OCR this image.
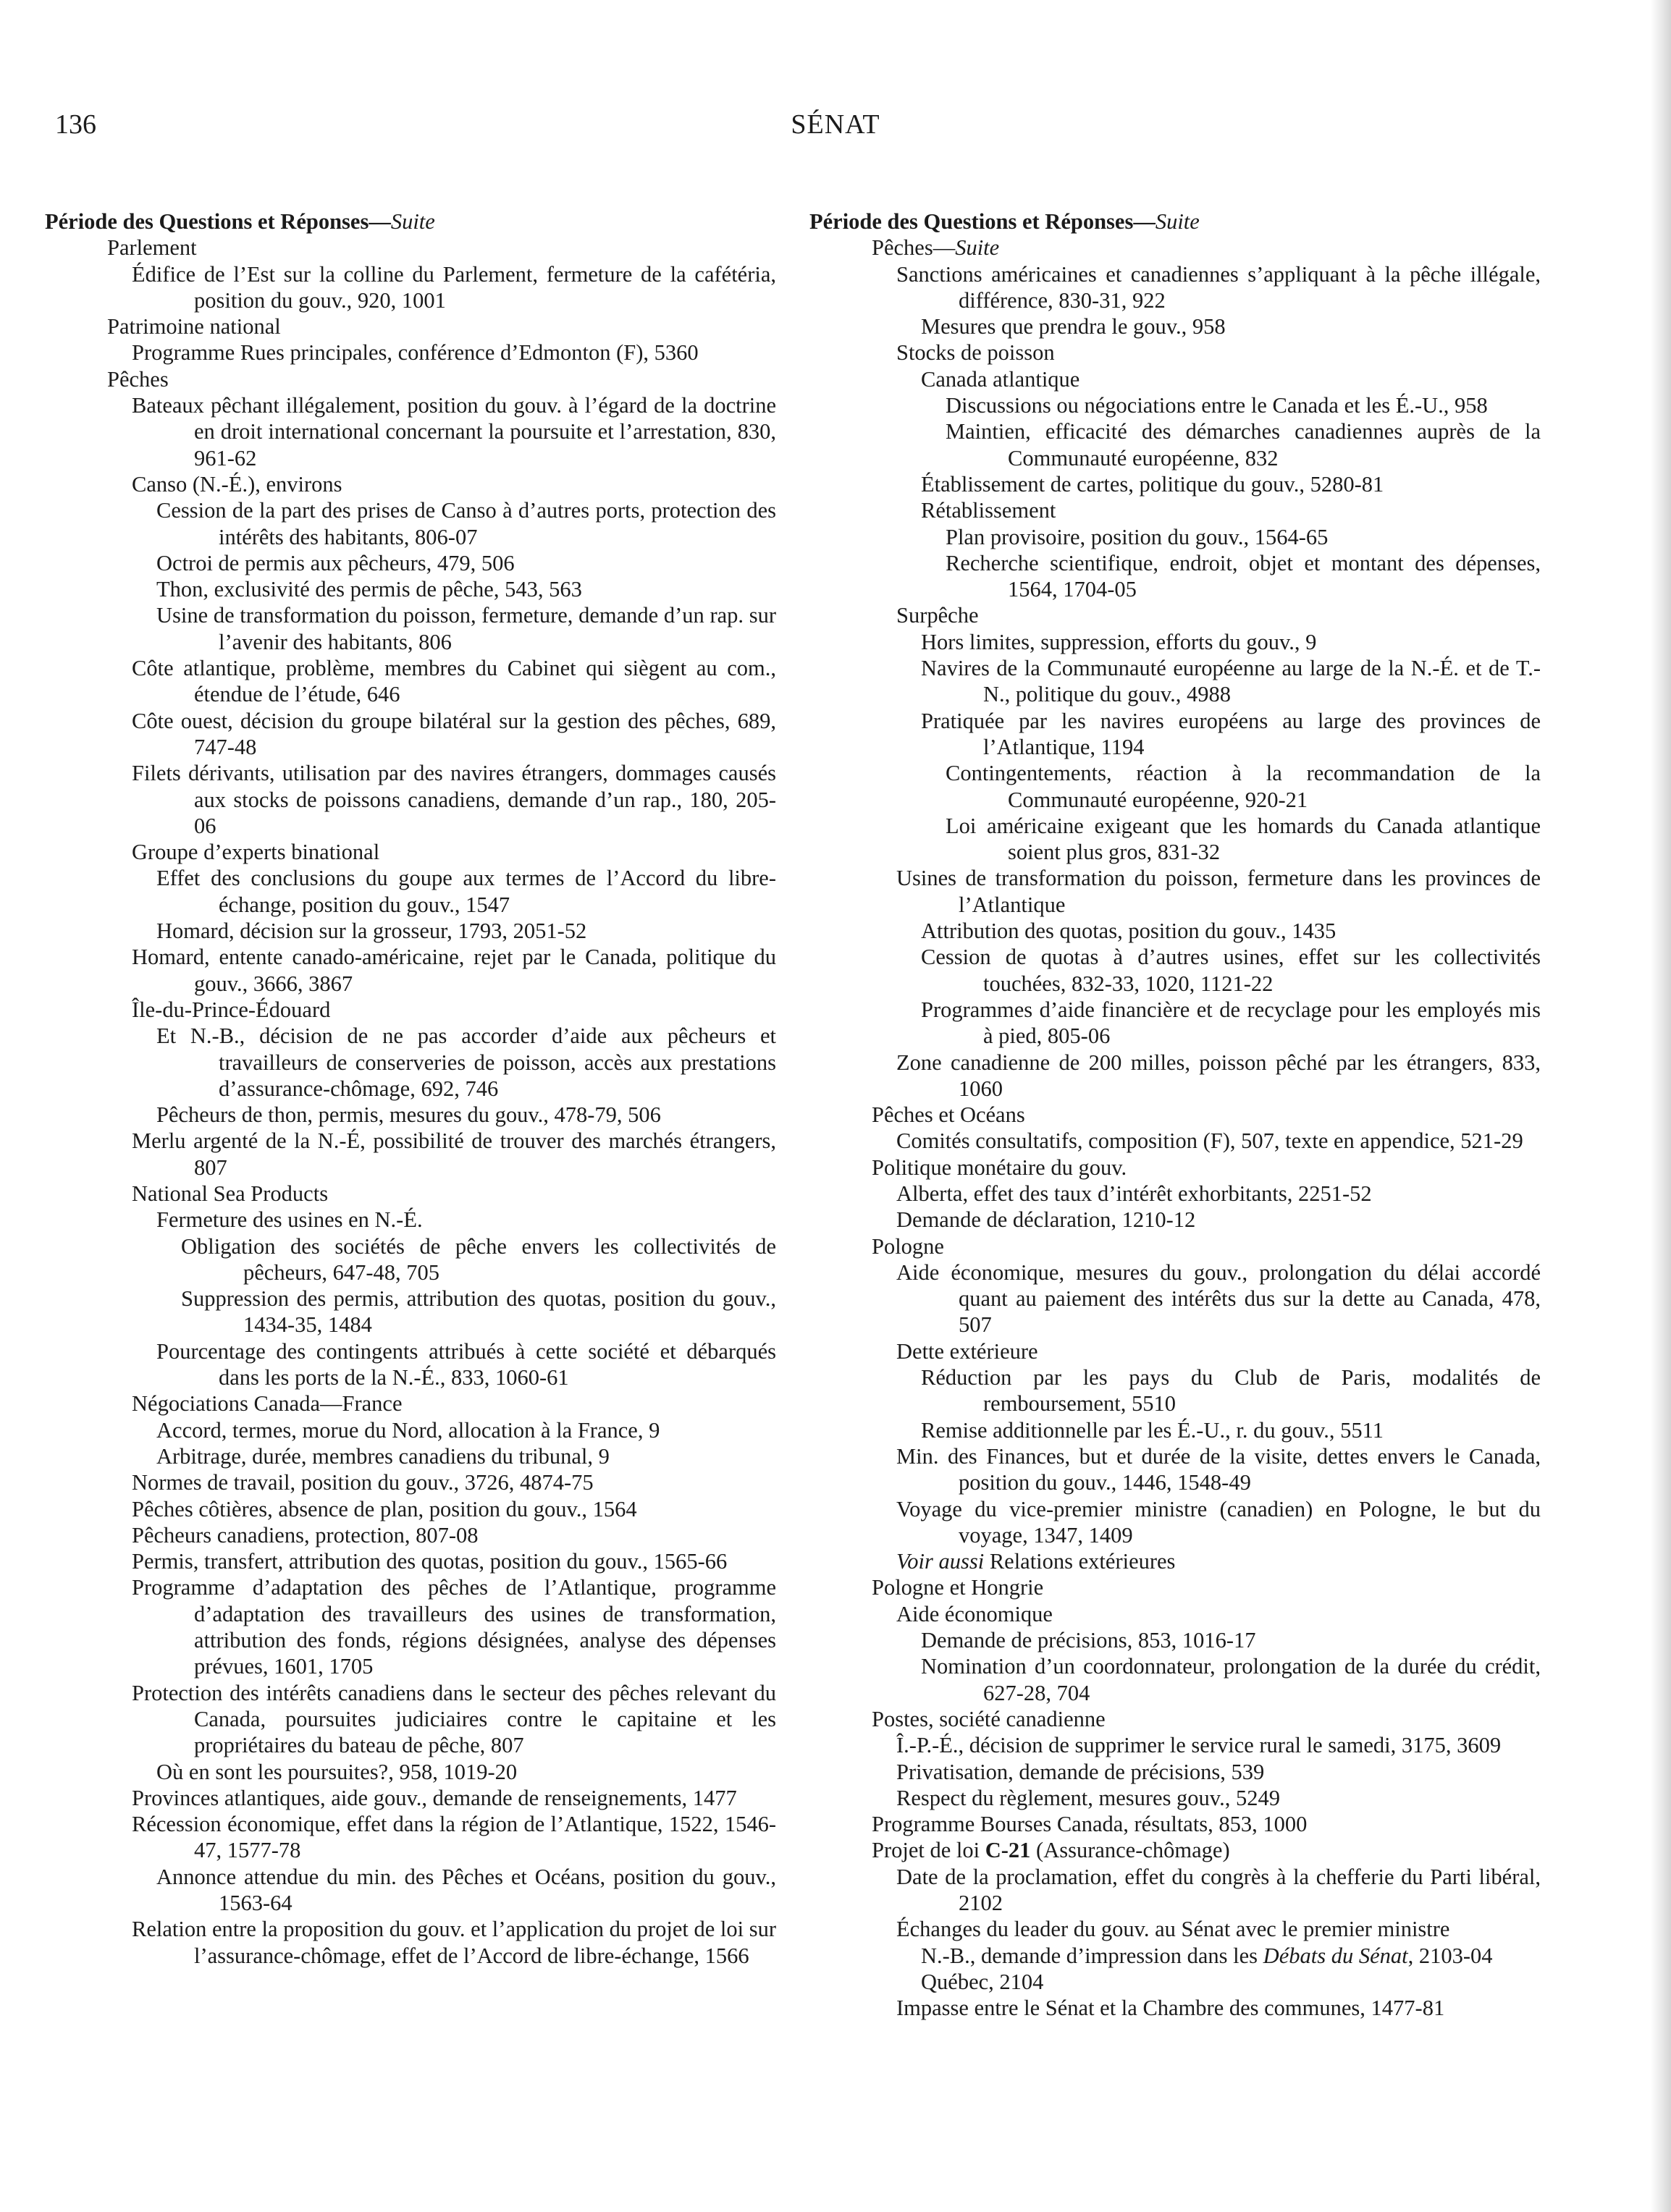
136	SÉNAT
Période des Questions et Réponses—Suite
Parlement
Édifice de l’Est sur la colline du Parlement, fermeture de la cafétéria, position du gouv., 920, 1001
Patrimoine national
Programme Rues principales, conférence d’Edmonton (F), 5360
Pêches
Bateaux pêchant illégalement, position du gouv. à l’égard de la doctrine en droit international concernant la poursuite et l’arrestation, 830, 961-62
Canso (N.-É.), environs
Cession de la part des prises de Canso à d’autres ports, protection des intérêts des habitants, 806-07
Octroi de permis aux pêcheurs, 479, 506
Thon, exclusivité des permis de pêche, 543, 563
Usine de transformation du poisson, fermeture, demande d’un rap. sur l’avenir des habitants, 806
Côte atlantique, problème, membres du Cabinet qui siègent au com., étendue de l’étude, 646
Côte ouest, décision du groupe bilatéral sur la gestion des pêches, 689, 747-48
Filets dérivants, utilisation par des navires étrangers, dommages causés aux stocks de poissons canadiens, demande d’un rap., 180, 205-06
Groupe d’experts binational
Effet des conclusions du goupe aux termes de l’Accord du libre-échange, position du gouv., 1547
Homard, décision sur la grosseur, 1793, 2051-52
Homard, entente canado-américaine, rejet par le Canada, politique du gouv., 3666, 3867
Île-du-Prince-Édouard
Et N.-B., décision de ne pas accorder d’aide aux pêcheurs et travailleurs de conserveries de poisson, accès aux prestations d’assurance-chômage, 692, 746
Pêcheurs de thon, permis, mesures du gouv., 478-79, 506
Merlu argenté de la N.-É, possibilité de trouver des marchés étrangers, 807
National Sea Products
Fermeture des usines en N.-É.
Obligation des sociétés de pêche envers les collectivités de pêcheurs, 647-48, 705
Suppression des permis, attribution des quotas, position du gouv., 1434-35, 1484
Pourcentage des contingents attribués à cette société et débarqués dans les ports de la N.-É., 833, 1060-61
Négociations Canada—France
Accord, termes, morue du Nord, allocation à la France, 9
Arbitrage, durée, membres canadiens du tribunal, 9
Normes de travail, position du gouv., 3726, 4874-75
Pêches côtières, absence de plan, position du gouv., 1564
Pêcheurs canadiens, protection, 807-08
Permis, transfert, attribution des quotas, position du gouv., 1565-66
Programme d’adaptation des pêches de l’Atlantique, programme d’adaptation des travailleurs des usines de transformation, attribution des fonds, régions désignées, analyse des dépenses prévues, 1601, 1705
Protection des intérêts canadiens dans le secteur des pêches relevant du Canada, poursuites judiciaires contre le capitaine et les propriétaires du bateau de pêche, 807
Où en sont les poursuites?, 958, 1019-20
Provinces atlantiques, aide gouv., demande de renseignements, 1477
Récession économique, effet dans la région de l’Atlantique, 1522, 1546-47, 1577-78
Annonce attendue du min. des Pêches et Océans, position du gouv., 1563-64
Relation entre la proposition du gouv. et l’application du projet de loi sur l’assurance-chômage, effet de l’Accord de libre-échange, 1566
Période des Questions et Réponses—Suite
Pêches—Suite
Sanctions américaines et canadiennes s’appliquant à la pêche illégale, différence, 830-31, 922
Mesures que prendra le gouv., 958
Stocks de poisson
Canada atlantique
Discussions ou négociations entre le Canada et les É.-U., 958
Maintien, efficacité des démarches canadiennes auprès de la Communauté européenne, 832
Établissement de cartes, politique du gouv., 5280-81
Rétablissement
Plan provisoire, position du gouv., 1564-65
Recherche scientifique, endroit, objet et montant des dépenses, 1564, 1704-05
Surpêche
Hors limites, suppression, efforts du gouv., 9
Navires de la Communauté européenne au large de la N.-É. et de T.-N., politique du gouv., 4988
Pratiquée par les navires européens au large des provinces de l’Atlantique, 1194
Contingentements, réaction à la recommandation de la Communauté européenne, 920-21
Loi américaine exigeant que les homards du Canada atlantique soient plus gros, 831-32
Usines de transformation du poisson, fermeture dans les provinces de l’Atlantique
Attribution des quotas, position du gouv., 1435
Cession de quotas à d’autres usines, effet sur les collectivités touchées, 832-33, 1020, 1121-22
Programmes d’aide financière et de recyclage pour les employés mis à pied, 805-06
Zone canadienne de 200 milles, poisson pêché par les étrangers, 833, 1060
Pêches et Océans
Comités consultatifs, composition (F), 507, texte en appendice, 521-29
Politique monétaire du gouv.
Alberta, effet des taux d’intérêt exhorbitants, 2251-52
Demande de déclaration, 1210-12
Pologne
Aide économique, mesures du gouv., prolongation du délai accordé quant au paiement des intérêts dus sur la dette au Canada, 478, 507
Dette extérieure
Réduction par les pays du Club de Paris, modalités de remboursement, 5510
Remise additionnelle par les É.-U., r. du gouv., 5511
Min. des Finances, but et durée de la visite, dettes envers le Canada, position du gouv., 1446, 1548-49
Voyage du vice-premier ministre (canadien) en Pologne, le but du voyage, 1347, 1409
Voir aussi Relations extérieures
Pologne et Hongrie
Aide économique
Demande de précisions, 853, 1016-17
Nomination d’un coordonnateur, prolongation de la durée du crédit, 627-28, 704
Postes, société canadienne
Î.-P.-É., décision de supprimer le service rural le samedi, 3175, 3609
Privatisation, demande de précisions, 539
Respect du règlement, mesures gouv., 5249
Programme Bourses Canada, résultats, 853, 1000
Projet de loi C-21 (Assurance-chômage)
Date de la proclamation, effet du congrès à la chefferie du Parti libéral, 2102
Échanges du leader du gouv. au Sénat avec le premier ministre
N.-B., demande d’impression dans les Débats du Sénat, 2103-04
Québec, 2104
Impasse entre le Sénat et la Chambre des communes, 1477-81
